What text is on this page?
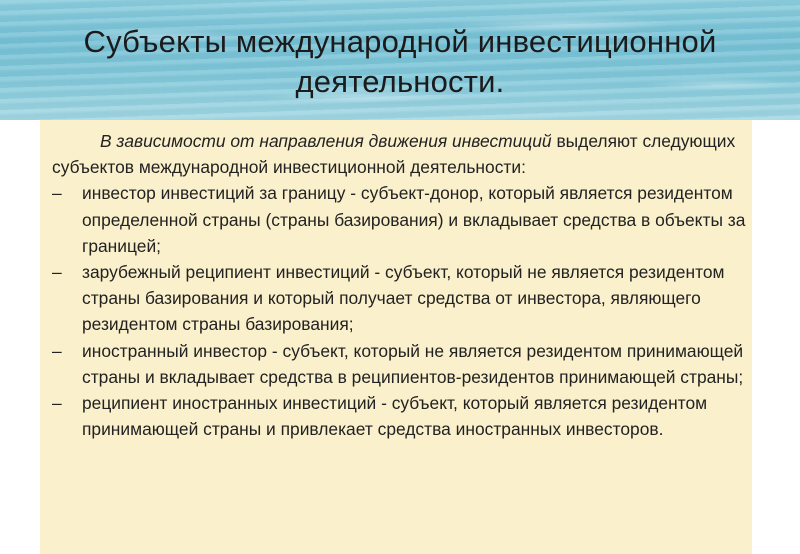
Субъекты международной инвестиционной деятельности.

В зависимости от направления движения инвестиций выделяют следующих субъектов международной инвестиционной деятельности:

– инвестор инвестиций за границу - субъект-донор, который является резидентом определенной страны (страны базирования) и вкладывает средства в объекты за границей;

– зарубежный реципиент инвестиций - субъект, который не является резидентом страны базирования и который получает средства от инвестора, являющего резидентом страны базирования;

– иностранный инвестор - субъект, который не является резидентом принимающей страны и вкладывает средства в реципиентов-резидентов принимающей страны;

– реципиент иностранных инвестиций - субъект, который является резидентом принимающей страны и привлекает средства иностранных инвесторов.
